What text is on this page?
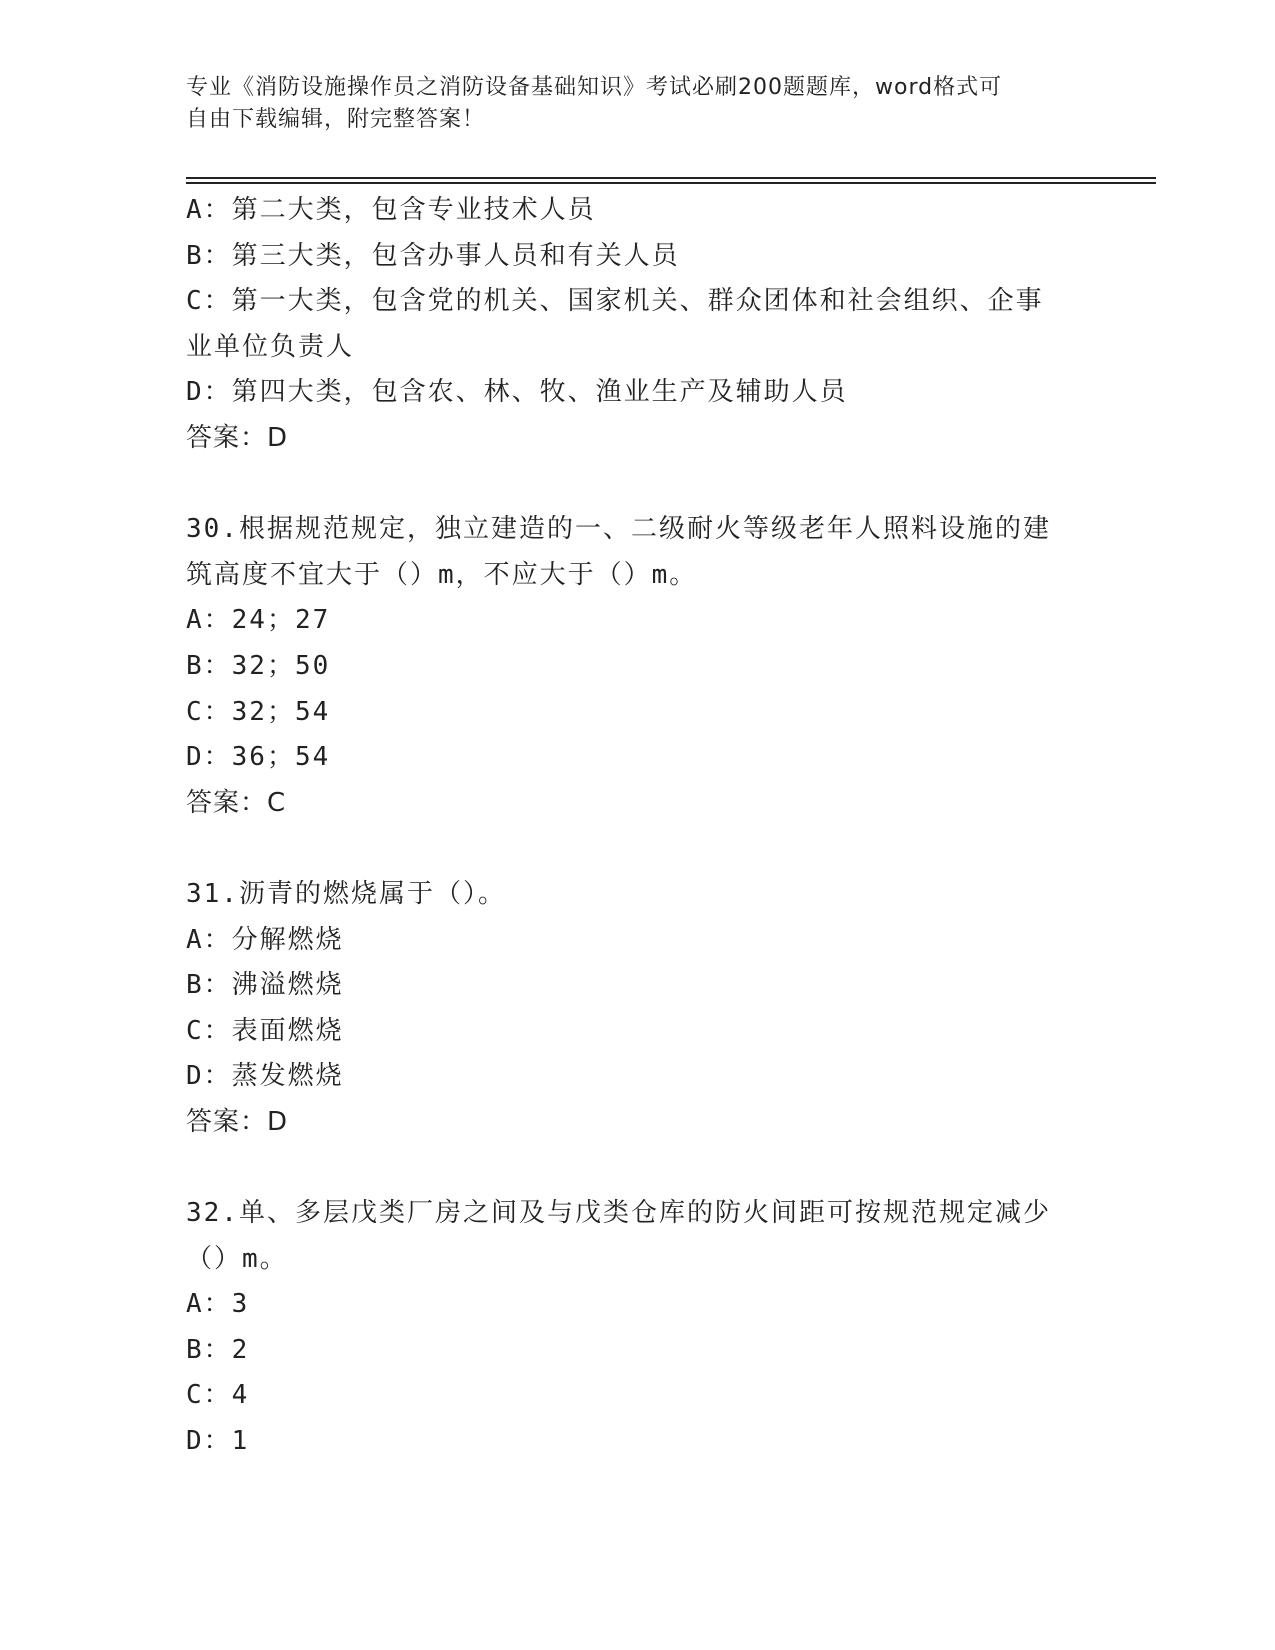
专业《消防设施操作员之消防设备基础知识》考试必刷200题题库，word格式可
自由下载编辑，附完整答案！
A：第二大类，包含专业技术人员
B：第三大类，包含办事人员和有关人员
C：第一大类，包含党的机关、国家机关、群众团体和社会组织、企事
业单位负责人
D：第四大类，包含农、林、牧、渔业生产及辅助人员
答案：D
30.根据规范规定，独立建造的一、二级耐火等级老年人照料设施的建
筑高度不宜大于（）m，不应大于（）m。
A：24；27
B：32；50
C：32；54
D：36；54
答案：C
31.沥青的燃烧属于（）。
A：分解燃烧
B：沸溢燃烧
C：表面燃烧
D：蒸发燃烧
答案：D
32.单、多层戊类厂房之间及与戊类仓库的防火间距可按规范规定减少
（）m。
A：3
B：2
C：4
D：1
